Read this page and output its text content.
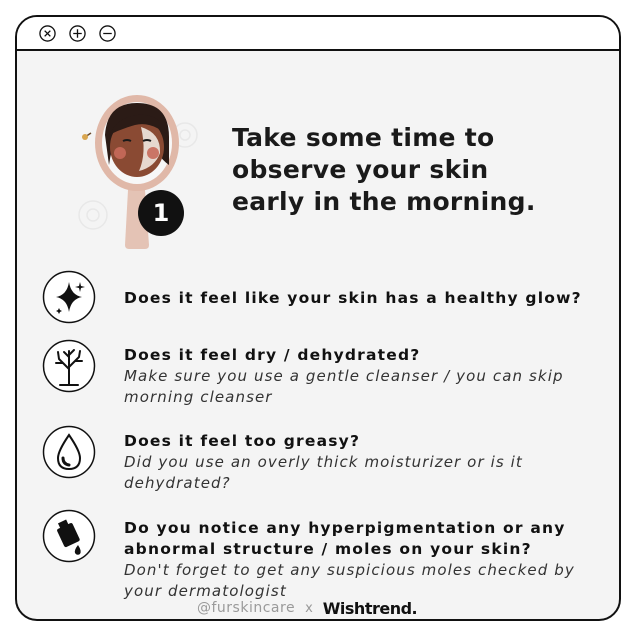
1
Take some time to
observe your skin
early in the morning.
Does it feel like your skin has a healthy glow?
Does it feel dry / dehydrated?
Make sure you use a gentle cleanser / you can skip
morning cleanser
Does it feel too greasy?
Did you use an overly thick moisturizer or is it
dehydrated?
Do you notice any hyperpigmentation or any
abnormal structure / moles on your skin?
Don't forget to get any suspicious moles checked by
your dermatologist
@furskincare x Wishtrend.
